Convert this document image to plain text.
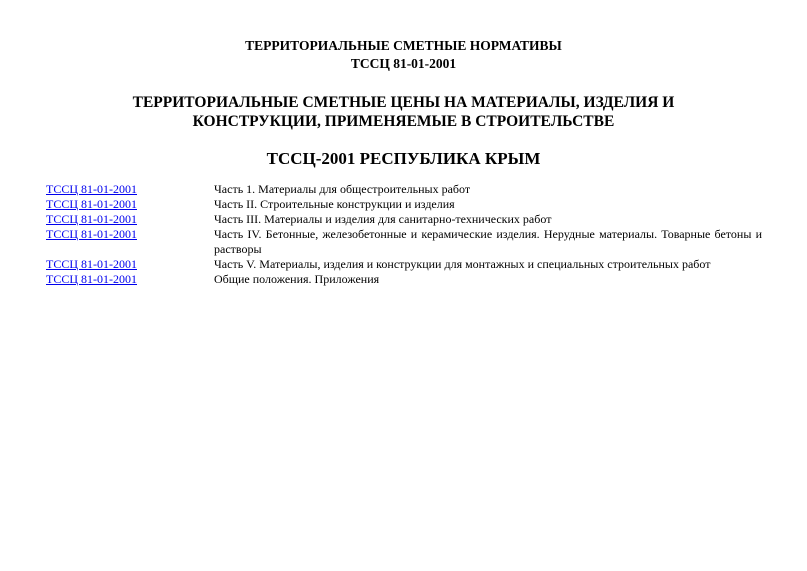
ТЕРРИТОРИАЛЬНЫЕ СМЕТНЫЕ НОРМАТИВЫ
ТССЦ 81-01-2001
ТЕРРИТОРИАЛЬНЫЕ СМЕТНЫЕ ЦЕНЫ НА МАТЕРИАЛЫ, ИЗДЕЛИЯ И
КОНСТРУКЦИИ, ПРИМЕНЯЕМЫЕ В СТРОИТЕЛЬСТВЕ
ТССЦ-2001 РЕСПУБЛИКА КРЫМ
ТССЦ 81-01-2001	Часть 1. Материалы для общестроительных работ
ТССЦ 81-01-2001	Часть II. Строительные конструкции и изделия
ТССЦ 81-01-2001	Часть III. Материалы и изделия для санитарно-технических работ
ТССЦ 81-01-2001	Часть IV. Бетонные, железобетонные и керамические изделия. Нерудные материалы. Товарные бетоны и растворы
ТССЦ 81-01-2001	Часть V. Материалы, изделия и конструкции для монтажных и специальных строительных работ
ТССЦ 81-01-2001	Общие положения. Приложения
